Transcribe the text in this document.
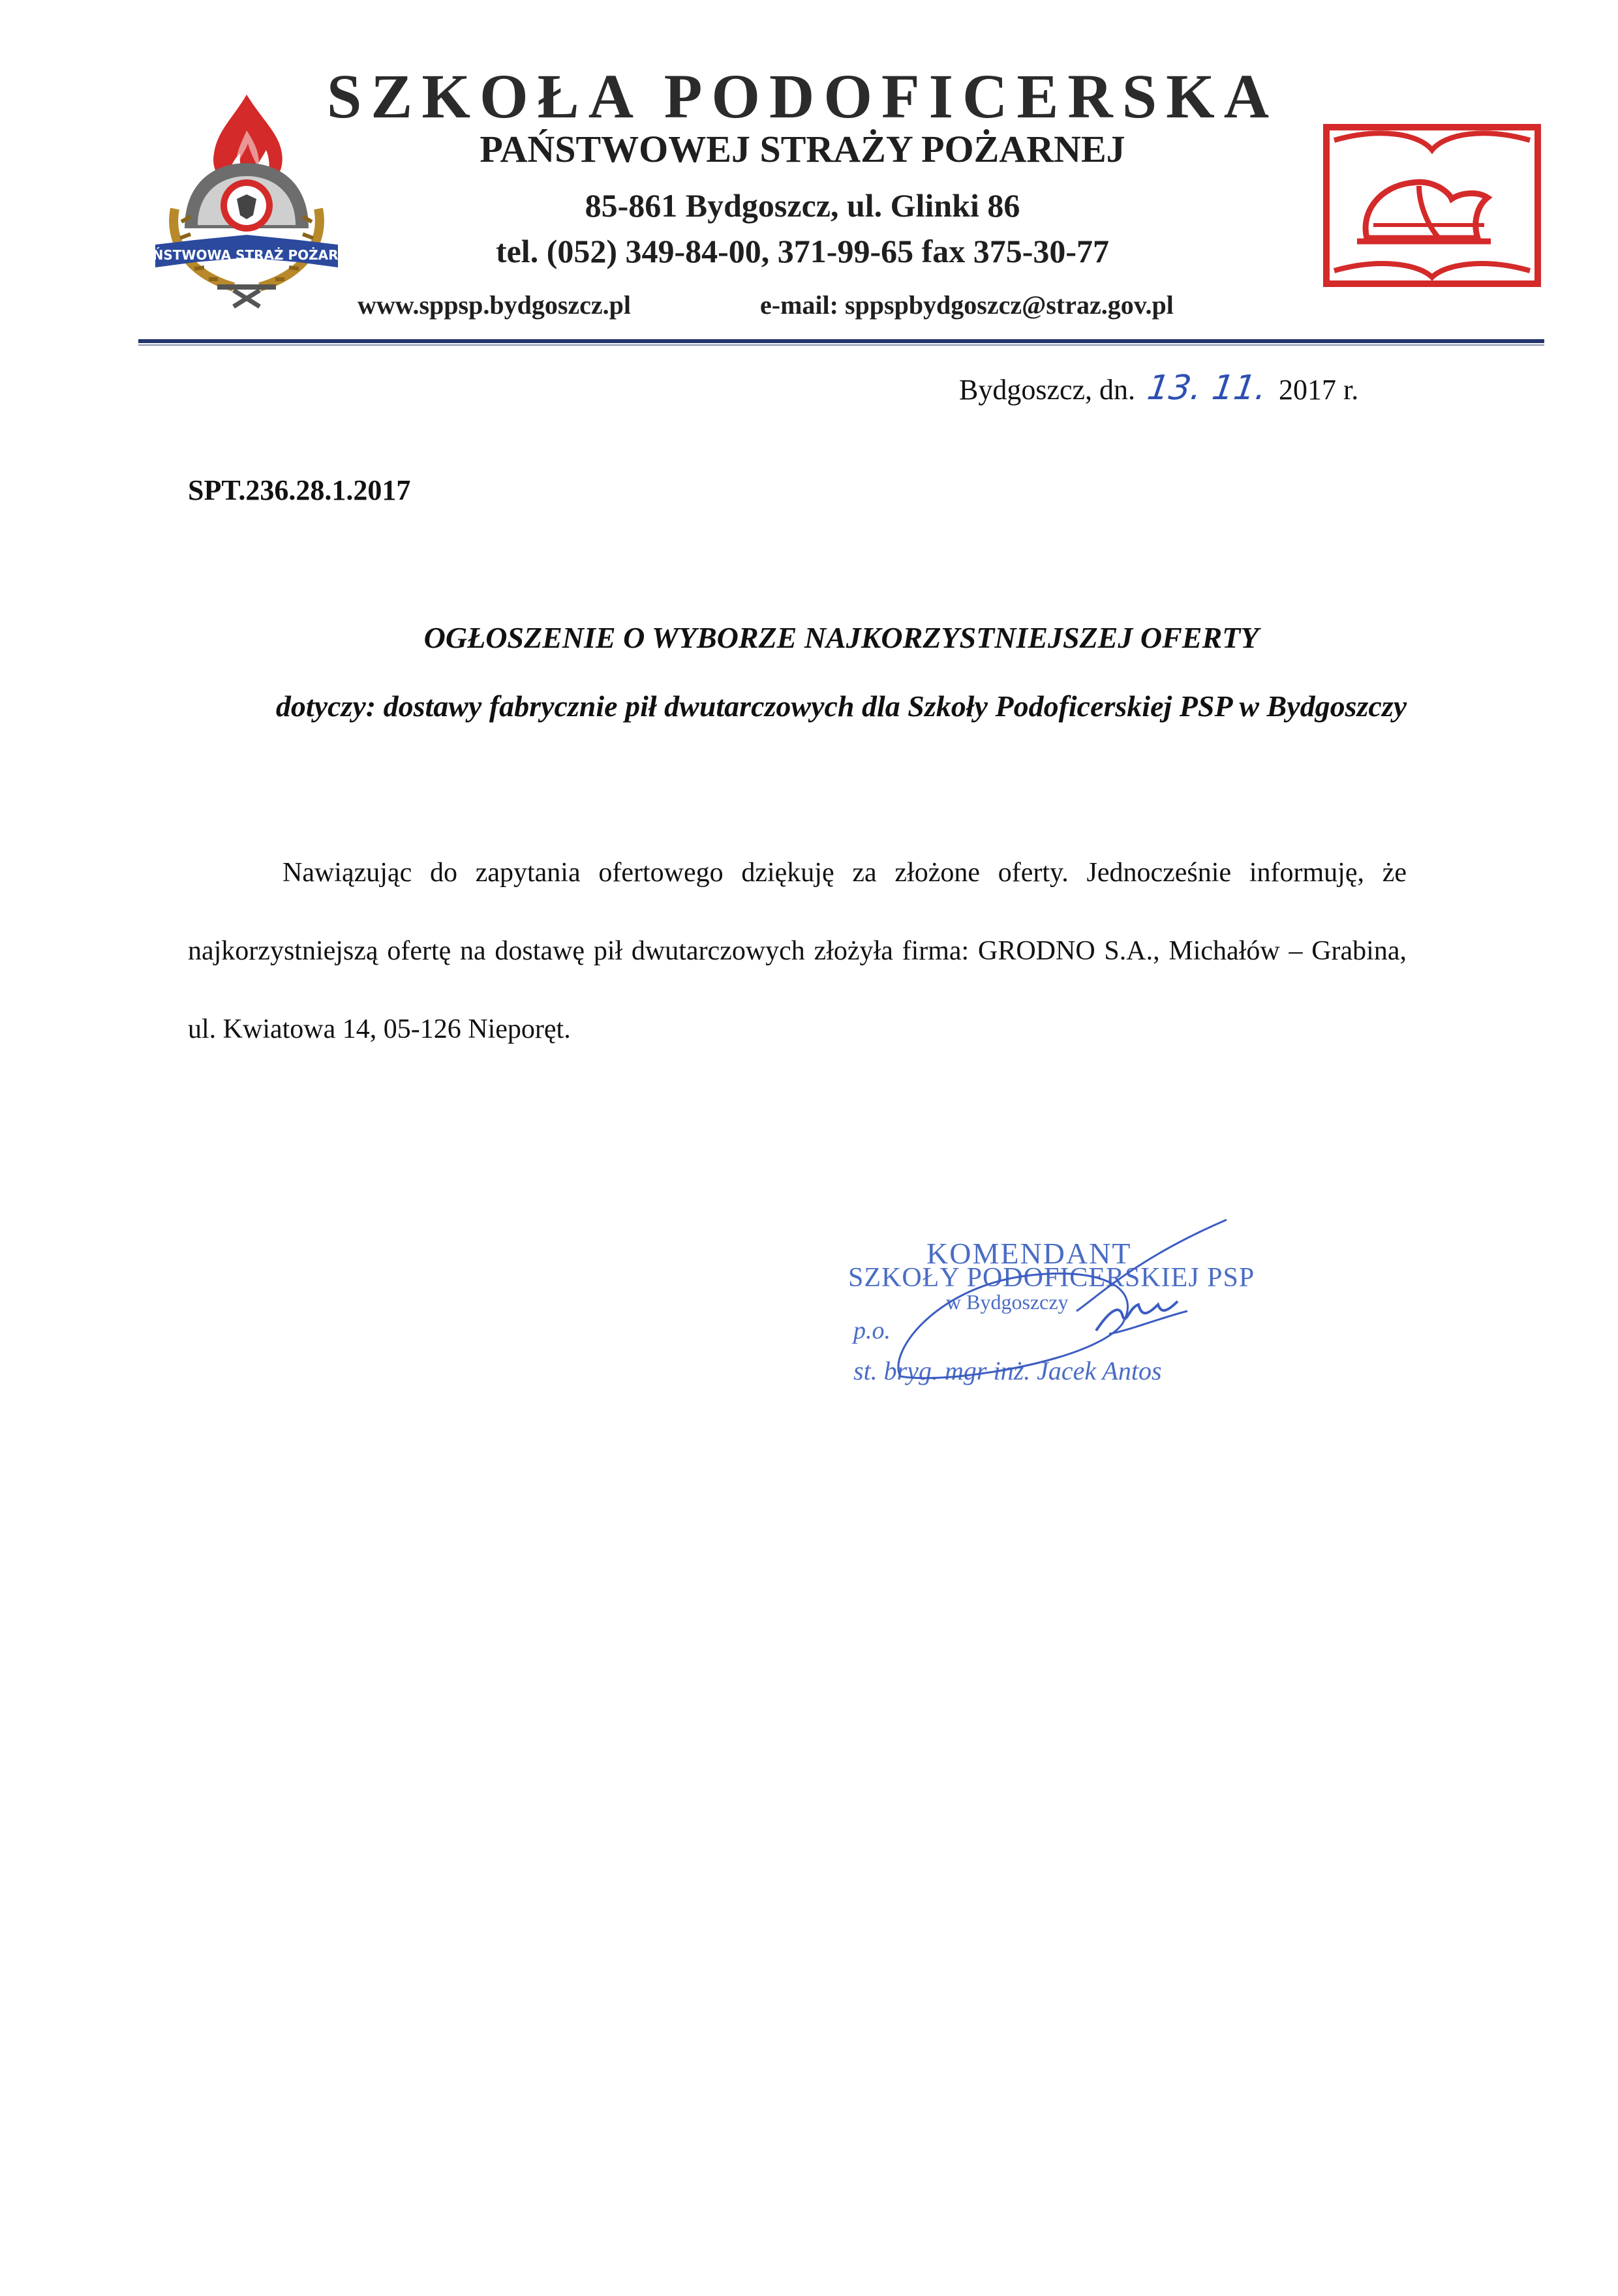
PAŃSTWOWA STRAŻ POŻARNA
SZKOŁA PODOFICERSKA
PAŃSTWOWEJ STRAŻY POŻARNEJ
85-861 Bydgoszcz, ul. Glinki 86
tel. (052) 349-84-00, 371-99-65 fax 375-30-77
www.sppsp.bydgoszcz.pl	e-mail: sppspbydgoszcz@straz.gov.pl
Bydgoszcz, dn. 13. 11. 2017 r.
SPT.236.28.1.2017
OGŁOSZENIE O WYBORZE NAJKORZYSTNIEJSZEJ OFERTY
dotyczy: dostawy fabrycznie pił dwutarczowych dla Szkoły Podoficerskiej PSP w Bydgoszczy
Nawiązując do zapytania ofertowego dziękuję za złożone oferty. Jednocześnie informuję, że najkorzystniejszą ofertę na dostawę pił dwutarczowych złożyła firma: GRODNO S.A., Michałów – Grabina, ul. Kwiatowa 14, 05-126 Nieporęt.
KOMENDANT
SZKOŁY PODOFICERSKIEJ PSP
w Bydgoszczy
p.o.
st. bryg. mgr inż. Jacek Antos
